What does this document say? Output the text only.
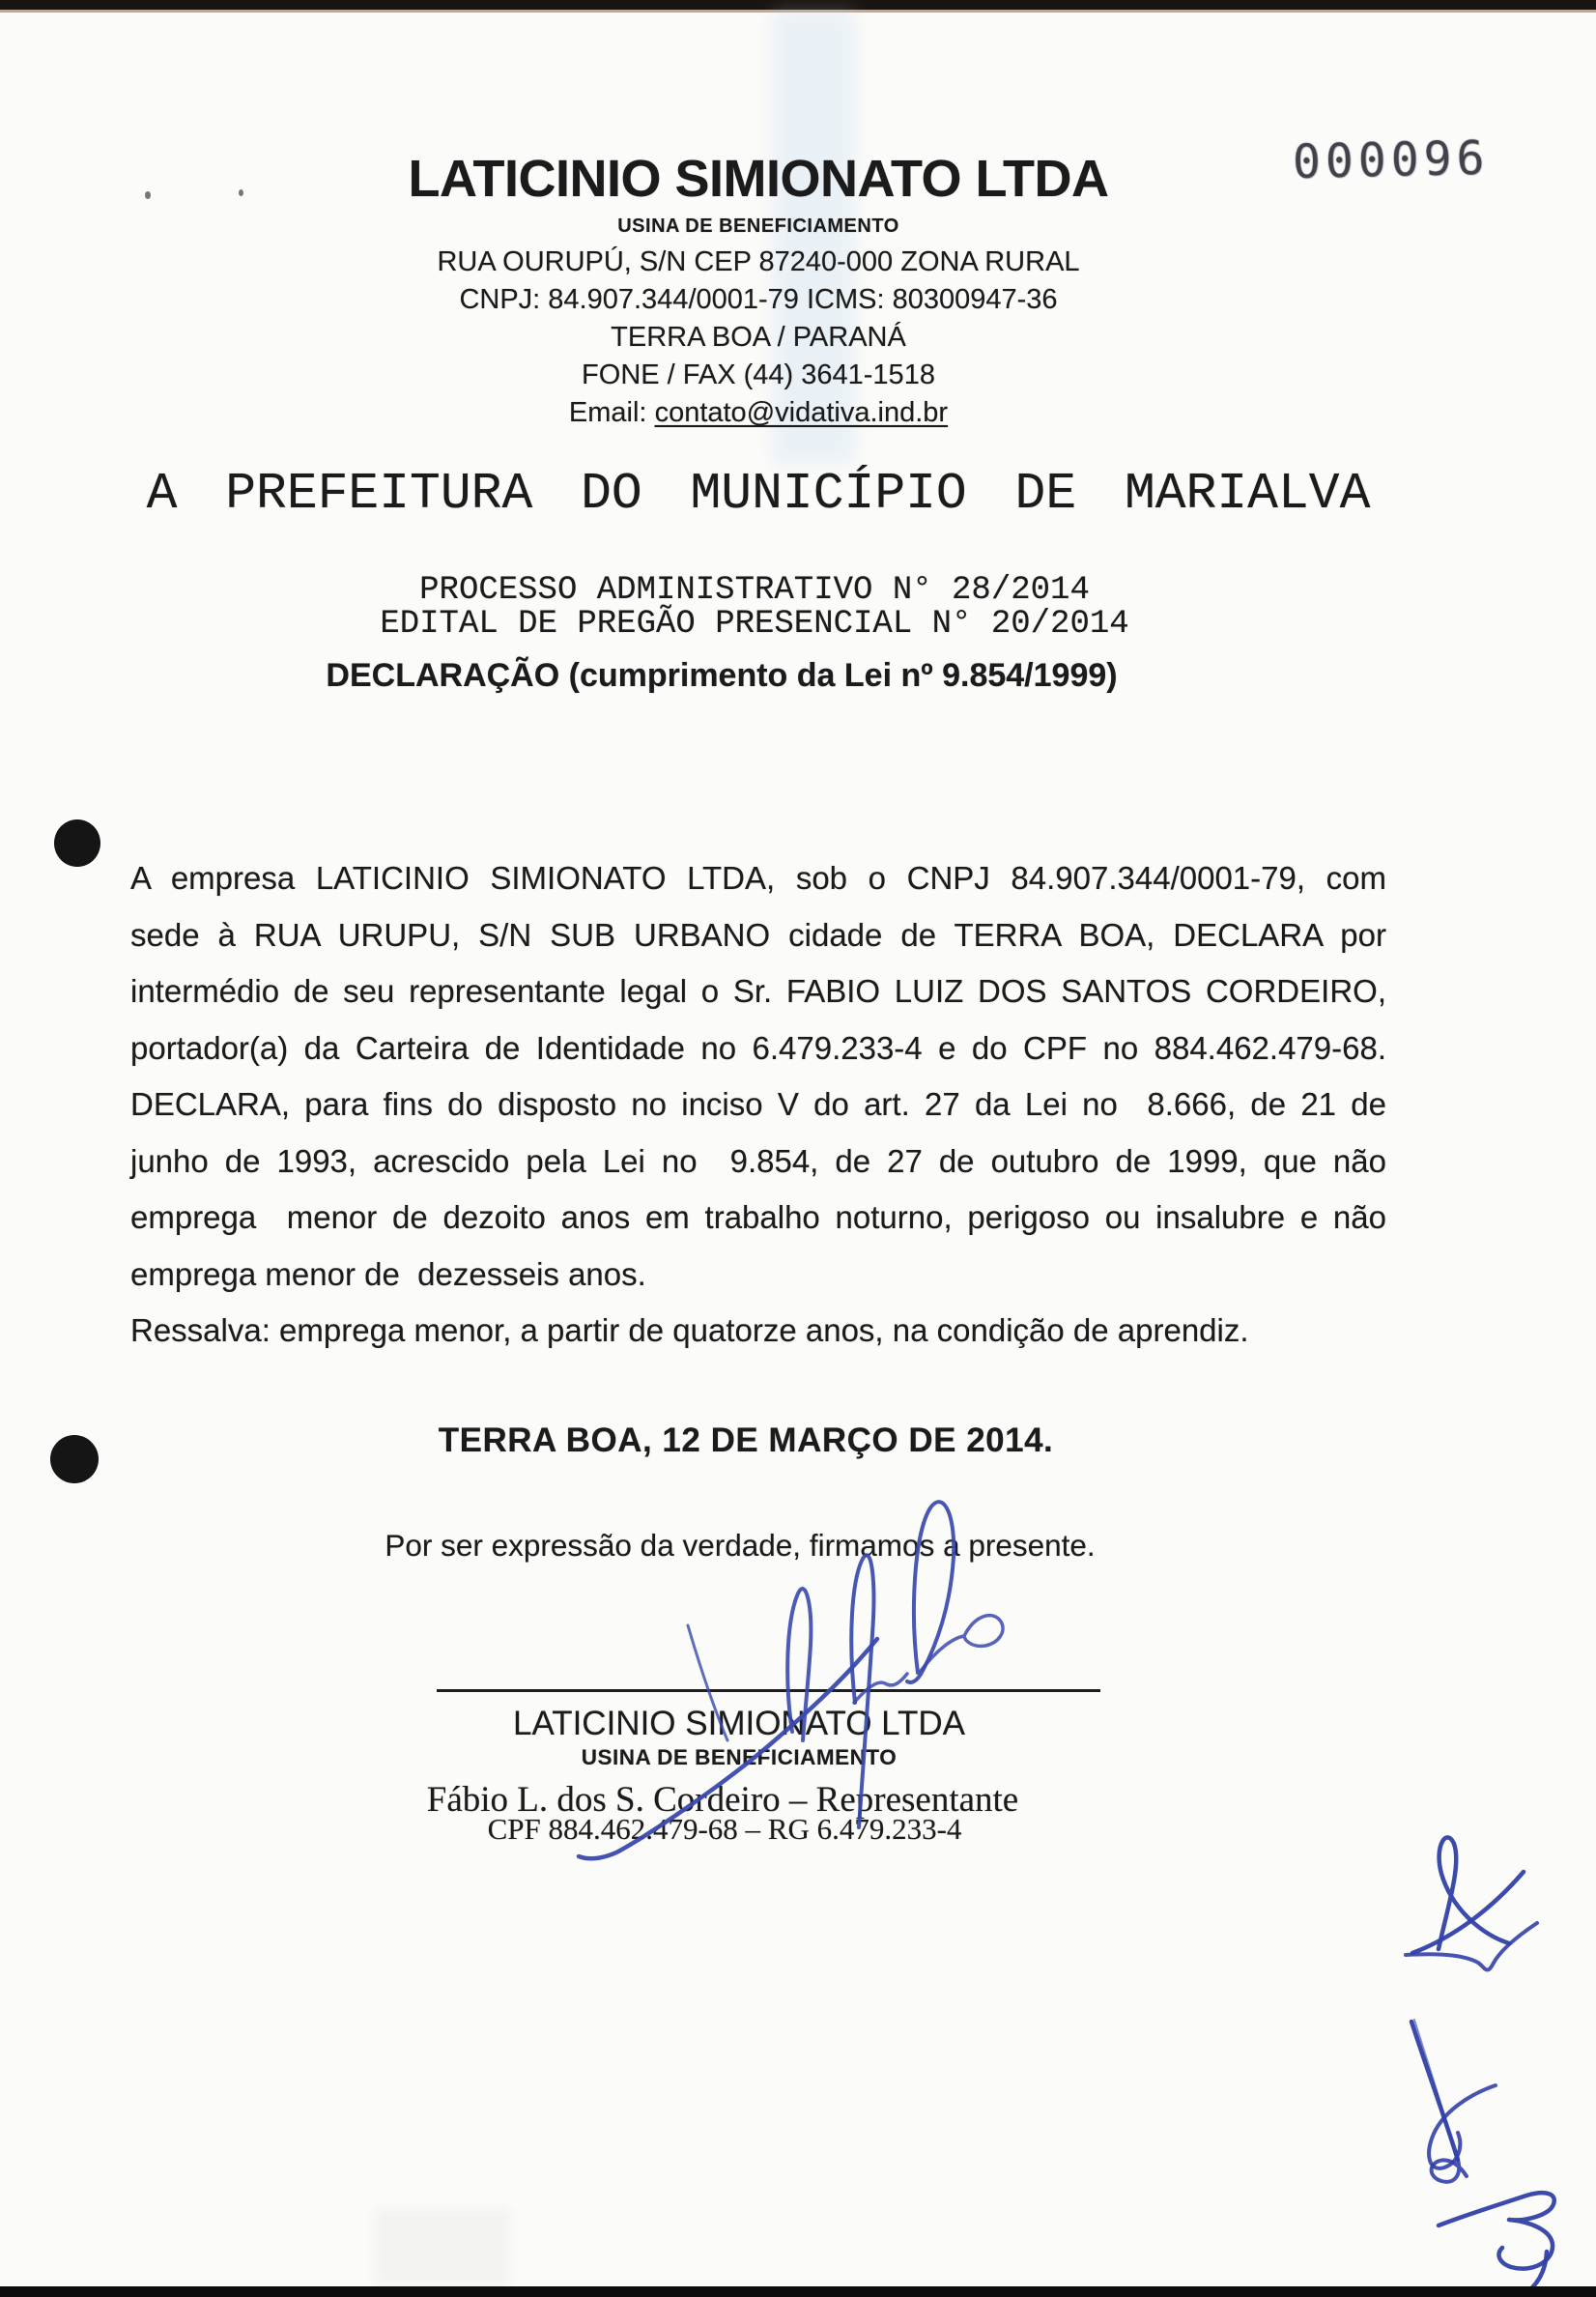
000096
LATICINIO SIMIONATO LTDA
USINA DE BENEFICIAMENTO
RUA OURUPÚ, S/N CEP 87240-000 ZONA RURAL
CNPJ: 84.907.344/0001-79 ICMS: 80300947-36
TERRA BOA / PARANÁ
FONE / FAX (44) 3641-1518
Email: contato@vidativa.ind.br
A PREFEITURA DO MUNICÍPIO DE MARIALVA
PROCESSO ADMINISTRATIVO N° 28/2014
EDITAL DE PREGÃO PRESENCIAL N° 20/2014
DECLARAÇÃO (cumprimento da Lei nº 9.854/1999)
A empresa LATICINIO SIMIONATO LTDA, sob o CNPJ 84.907.344/0001-79, com
sede à RUA URUPU, S/N SUB URBANO cidade de TERRA BOA, DECLARA por
intermédio de seu representante legal o Sr. FABIO LUIZ DOS SANTOS CORDEIRO,
portador(a) da Carteira de Identidade no 6.479.233-4 e do CPF no 884.462.479-68.
DECLARA, para fins do disposto no inciso V do art. 27 da Lei no  8.666, de 21 de
junho de 1993, acrescido pela Lei no  9.854, de 27 de outubro de 1999, que não
emprega  menor de dezoito anos em trabalho noturno, perigoso ou insalubre e não
emprega menor de  dezesseis anos.
Ressalva: emprega menor, a partir de quatorze anos, na condição de aprendiz.
TERRA BOA, 12 DE MARÇO DE 2014.
Por ser expressão da verdade, firmamos a presente.
LATICINIO SIMIONATO LTDA
USINA DE BENEFICIAMENTO
Fábio L. dos S. Cordeiro – Representante
CPF 884.462.479-68 – RG 6.479.233-4
